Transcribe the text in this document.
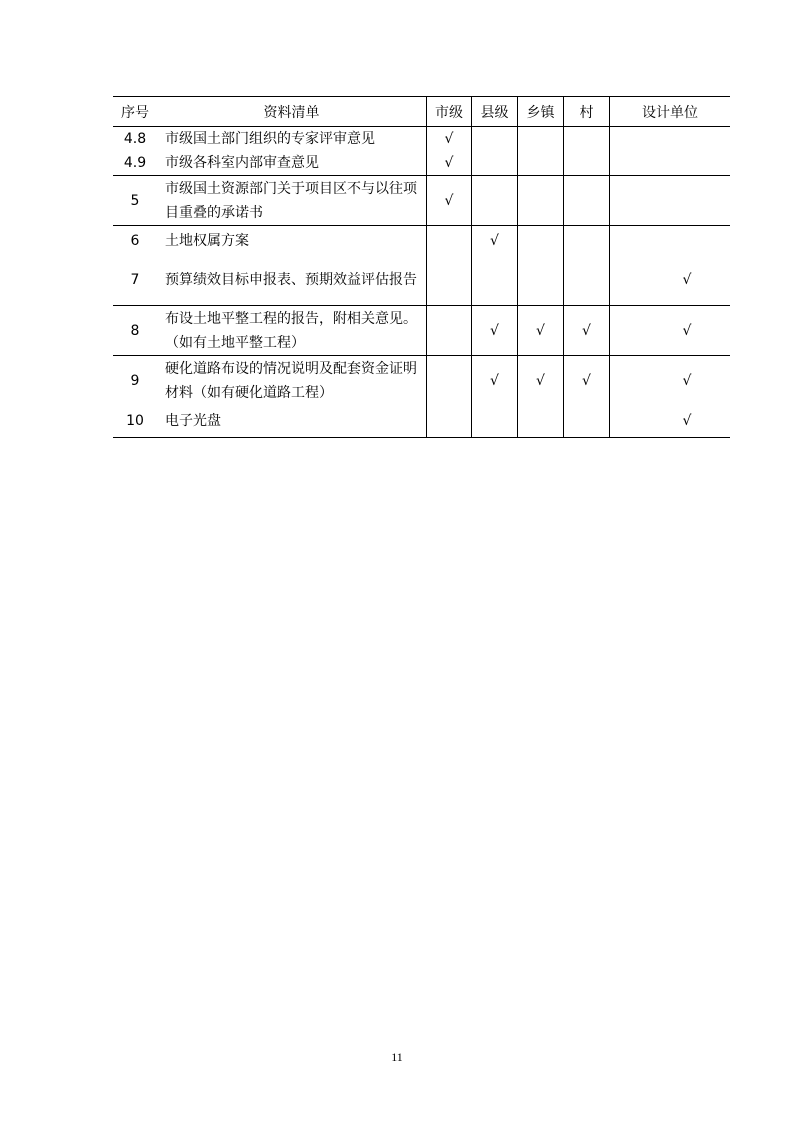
序号	资料清单	市级	县级	乡镇	村	设计单位
4.8	市级国土部门组织的专家评审意见	√				
4.9	市级各科室内部审查意见	√				
5	市级国土资源部门关于项目区不与以往项目重叠的承诺书	√				
6	土地权属方案		√			
7	预算绩效目标申报表、预期效益评估报告					√
8	布设土地平整工程的报告，附相关意见。（如有土地平整工程）		√	√	√	√
9	硬化道路布设的情况说明及配套资金证明材料（如有硬化道路工程）		√	√	√	√
10	电子光盘					√
11
